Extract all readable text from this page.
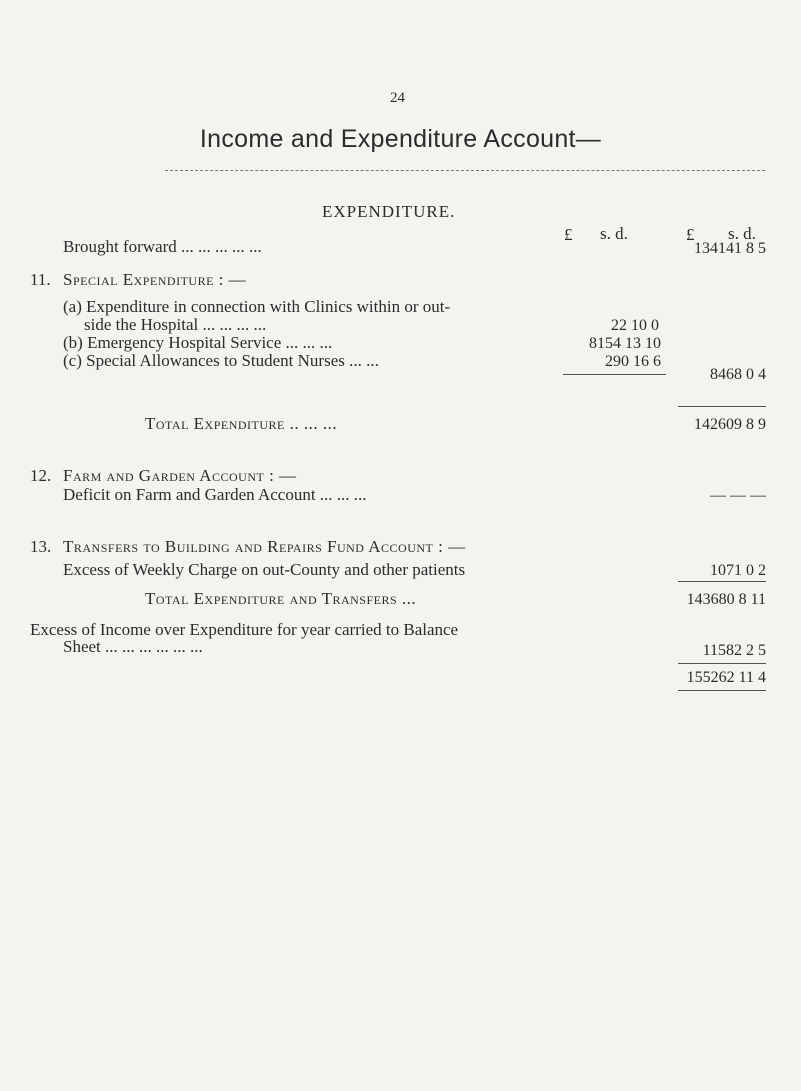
24
Income and Expenditure Account—
EXPENDITURE.
£ s. d.	£ s. d.
Brought forward ... ... ... ... ...	134141 8 5
11. Special Expenditure : —
(a) Expenditure in connection with Clinics within or out-
side the Hospital ... ... ... ...	22 10 0
(b) Emergency Hospital Service ... ... ...	8154 13 10
(c) Special Allowances to Student Nurses ... ...	290 16 6
8468 0 4
Total Expenditure .. ... ...	142609 8 9
12. Farm and Garden Account : —
Deficit on Farm and Garden Account ... ... ...	— — —
13. Transfers to Building and Repairs Fund Account : —
Excess of Weekly Charge on out-County and other patients	1071 0 2
Total Expenditure and Transfers ...	143680 8 11
Excess of Income over Expenditure for year carried to Balance
Sheet ... ... ... ... ... ...	11582 2 5
155262 11 4
